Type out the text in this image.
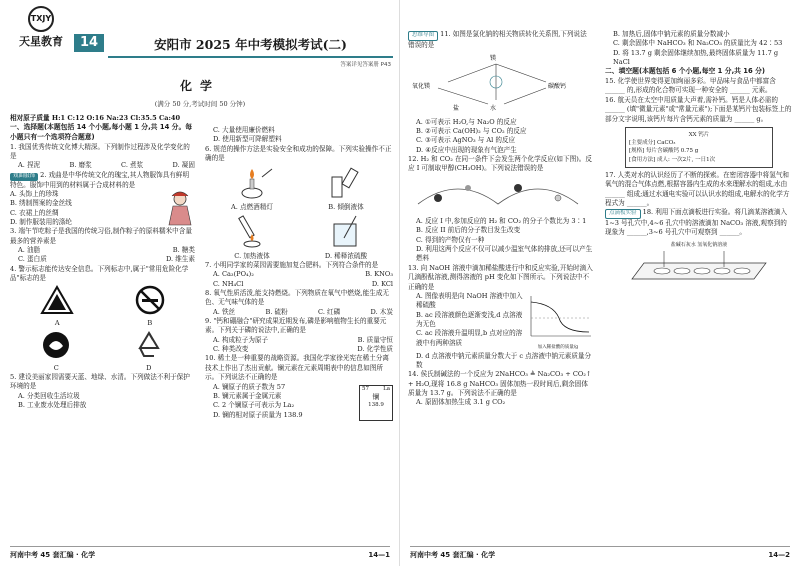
TXJY
天星教育	14	安阳市 2025 年中考模拟考试(二)
答案详见答案册 P43
化学
(满分 50 分,考试时间 50 分钟)

相对原子质量 H:1 C:12 O:16 Na:23 Cl:35.5 Ca:40

一、选择题(本题包括 14 个小题,每小题 1 分,共 14 分。每小题只有一个选项符合题意)

1. 我国优秀传统文化博大精深。下列制作过程涉及化学变化的是

A. 捏泥	B. 磨浆	C. 煮浆	D. 凝固

戏曲服饰 2. 戏曲是中华传统文化的瑰宝,其人物服饰具有鲜明特色。服饰中用到的材料属于合成材料的是

A. 头饰上的珍珠

B. 绣制图案的金丝线

C. 衣裙上的丝绸

D. 制作服装用的涤纶

3. 端午节吃粽子是我国的传统习俗,制作粽子的原料糯米中含量最多的营养素是

A. 油脂	B. 糖类
C. 蛋白质	D. 维生素

4. 警示标志能传达安全信息。下列标志中,属于"常用危险化学品"标志的是

A	B
C	D

5. 建设美丽家园需要天蓝、地绿、水清。下列做法不利于保护环境的是

A. 分类回收生活垃圾

B. 工业废水处理后排放

C. 大量使用廉价燃料

D. 使用新型可降解塑料

6. 规范的操作方法是实验安全和成功的保障。下列实验操作不正确的是

A. 点燃酒精灯	B. 倾倒液体
C. 加热液体	D. 稀释浓硫酸

7. 小明同学家的菜园需要施加复合肥料。下列符合条件的是

A. Ca₃(PO₄)₂	B. KNO₃
C. NH₄Cl	D. KCl

8. 氧气性质活泼,能支持燃烧。下列物质在氧气中燃烧,能生成无色、无气味气体的是

A. 铁丝	B. 硫粉	C. 红磷	D. 木炭

9. "钙和硼融合"研究成果近期发布,磷是影响植物生长的重要元素。下列关于磷的说法中,正确的是

A. 构成粒子为原子	B. 质量守恒
C. 种类改变	D. 化学性质

10. 稀土是一种重要的战略资源。我国化学家徐光宪在稀土分离技术上作出了杰出贡献。镧元素在元素周期表中的信息如图所示。下列说法不正确的是

A. 镧原子的质子数为 57

B. 镧元素属于金属元素

C. 2 个镧原子可表示为 La₂

D. 镧的相对原子质量为 138.9

57	La
镧
138.9
河南中考 45 套汇编 · 化学	14—1

思维导图 11. 如图是氯化钠的相关物质转化关系图,下列说法错误的是

镁
氧化镁
水
盐
碳酸钙

A. ①可表示 H₂O,与 Na₂O 的反应

B. ②可表示 Ca(OH)₂ 与 CO₂ 的反应

C. ③可表示 AgNO₃ 与 Al 的反应

D. ④反应中出现的现象有气泡产生

12. H₂ 和 CO₂ 在同一条件下会发生两个化学反应(如下图)。反应 I 可制取甲醇(CH₃OH)。下列说法错误的是

A. 反应 I 中,参加反应的 H₂ 和 CO₂ 的分子个数比为 3∶1

B. 反应 II 前后的分子数目发生改变

C. 得到的产物仅有一种

D. 利用这两个反应不仅可以减少温室气体的排放,还可以产生燃料

13. 向 NaOH 溶液中滴加稀盐酸进行中和反应实验,开始时滴入几滴酚酞溶液,测得溶液的 pH 变化如下图所示。下列说法中不正确的是

A. 图像表明是向 NaOH 溶液中加入稀硫酸

B. ac 段溶液颜色逐渐变浅,d 点溶液为无色

C. ac 段溶液升温明显,b 点对应的溶液中有两种溶质

加入稀盐酸的质量/g

D. d 点溶液中钠元素质量分数大于 c 点溶液中钠元素质量分数

14. 侯氏制碱法的一个反应为 2NaHCO₃ ≜ Na₂CO₃ + CO₂↑ + H₂O,现将 16.8 g NaHCO₃ 固体加热一段时间后,剩余固体质量为 13.7 g。下列说法不正确的是

A. 原固体加热生成 3.1 g CO₂

B. 加热后,固体中钠元素的质量分数减小

C. 剩余固体中 NaHCO₃ 和 Na₂CO₃ 的质量比为 42∶53

D. 将 13.7 g 剩余固体继续加热,最终固体质量为 11.7 g NaCl

二、填空题(本题包括 6 个小题,每空 1 分,共 16 分)

15. 化学使世界变得更加绚丽多彩。甲品味与食品中都富含 ______ 的,形成的化合物可实现一种安全的 ______ 元素。

16. 航天员在太空中用质量大声着,需补钙。钙是人体必需的 ______ (填"微量元素"或"常量元素");下面是某钙片包装标签上的部分文字说明,该钙片每片含钙元素的质量为 ______ g。

XX 钙片
[主要成分] CaCO₃
[规格] 每片含碳酸钙 0.75 g
[食用方法] 成人: 一次2片, 一日1次

17. 人类对水的认识经历了不断的探索。在密闭容器中将氢气和氧气的混合气体点燃,根据容器内生成的水来理解水的组成,水由 ______ 组成;通过水通电实验可以认识水的组成,电解水的化学方程式为 ______。

点滴板实验 18. 利用下面点滴板进行实验。将几滴某溶液滴入 1~3 号孔穴中,4~6 孔穴中的溶液滴加 NaCO₃ 溶液,观察到的现象为 ______,3~6 号孔穴中可观察到 ______。

盐碱石灰水 氢氧化钠溶液
河南中考 45 套汇编 · 化学	14—2
